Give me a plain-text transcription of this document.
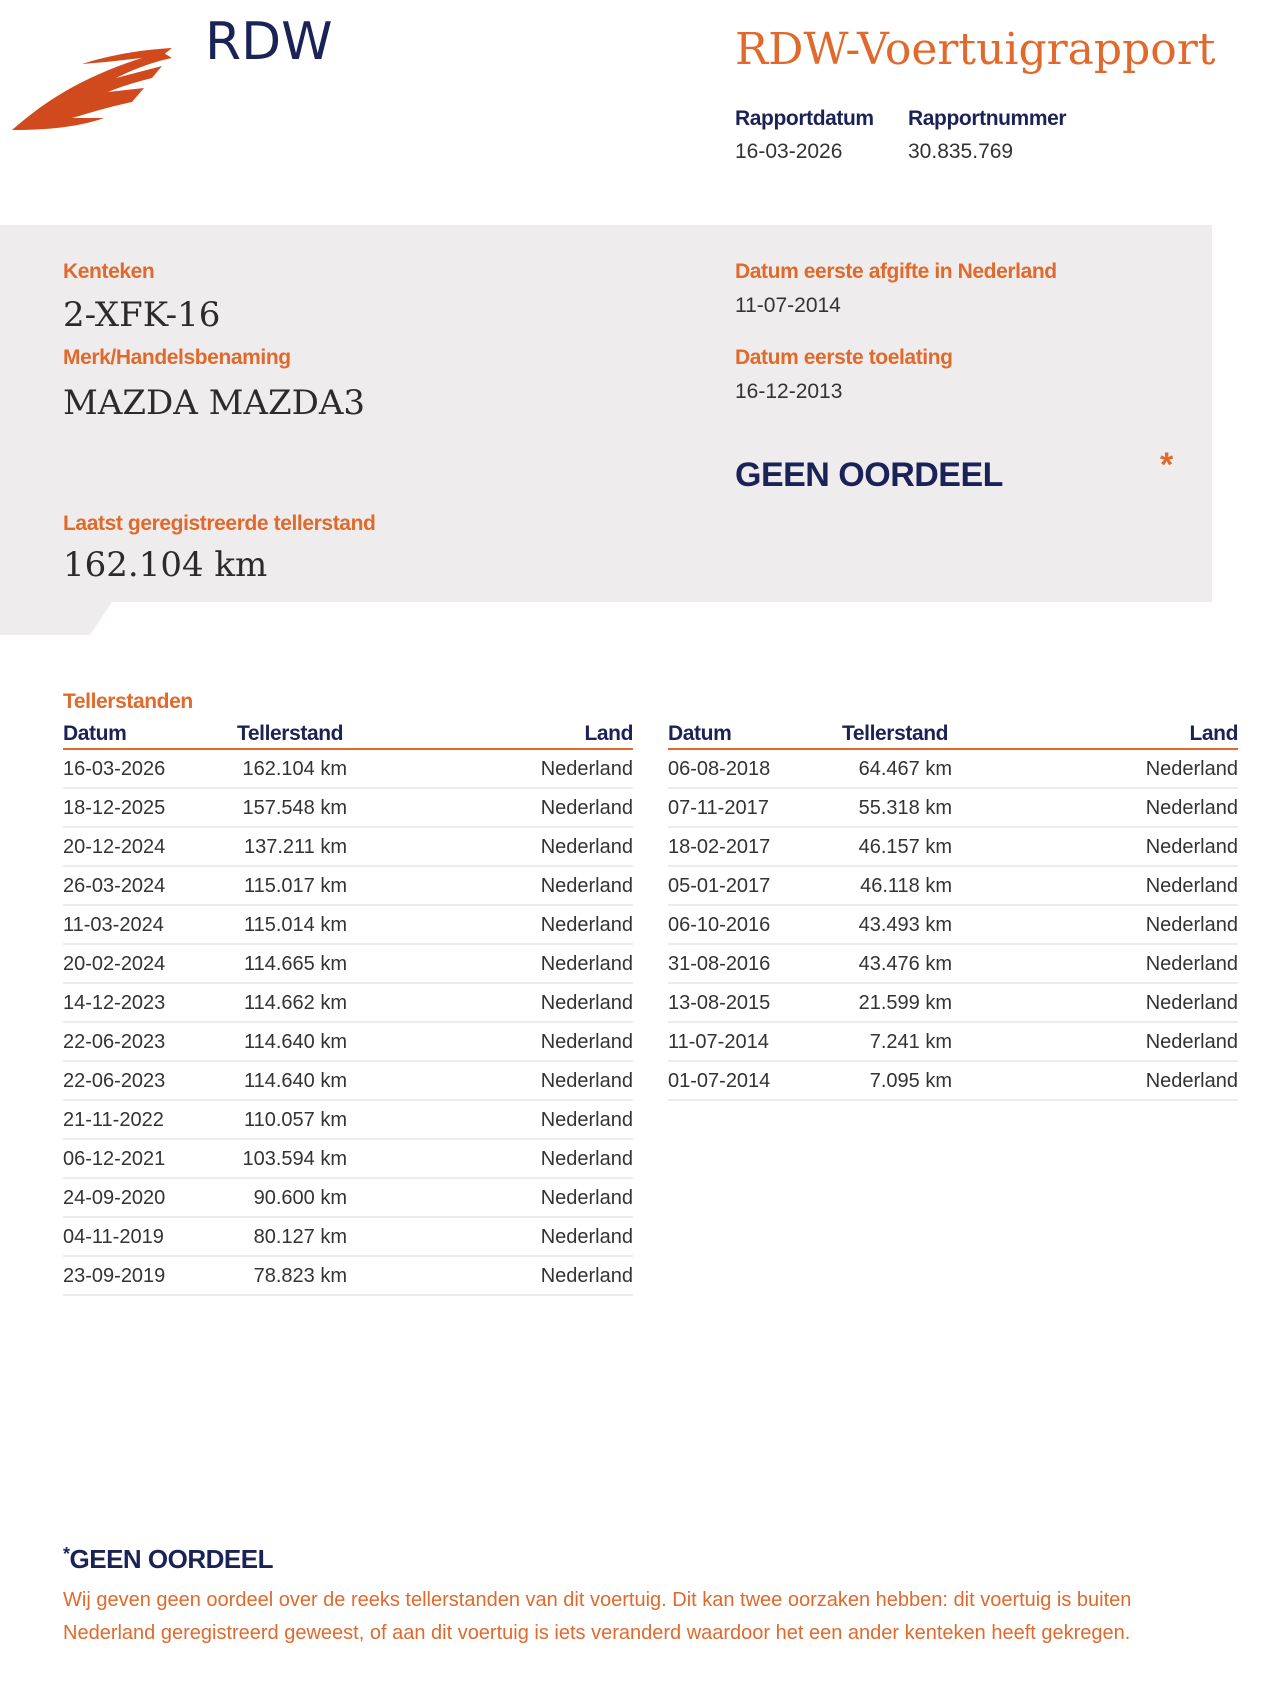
RDW	RDW-Voertuigrapport
Rapportdatum
16-03-2026
Rapportnummer
30.835.769
Kenteken
2-XFK-16
Merk/Handelsbenaming
MAZDA MAZDA3
Laatst geregistreerde tellerstand
162.104 km
Datum eerste afgifte in Nederland
11-07-2014
Datum eerste toelating
16-12-2013
GEEN OORDEEL	*
Tellerstanden
Datum	Tellerstand	Land
16-03-2026	162.104 km	Nederland
18-12-2025	157.548 km	Nederland
20-12-2024	137.211 km	Nederland
26-03-2024	115.017 km	Nederland
11-03-2024	115.014 km	Nederland
20-02-2024	114.665 km	Nederland
14-12-2023	114.662 km	Nederland
22-06-2023	114.640 km	Nederland
22-06-2023	114.640 km	Nederland
21-11-2022	110.057 km	Nederland
06-12-2021	103.594 km	Nederland
24-09-2020	90.600 km	Nederland
04-11-2019	80.127 km	Nederland
23-09-2019	78.823 km	Nederland
Datum	Tellerstand	Land
06-08-2018	64.467 km	Nederland
07-11-2017	55.318 km	Nederland
18-02-2017	46.157 km	Nederland
05-01-2017	46.118 km	Nederland
06-10-2016	43.493 km	Nederland
31-08-2016	43.476 km	Nederland
13-08-2015	21.599 km	Nederland
11-07-2014	7.241 km	Nederland
01-07-2014	7.095 km	Nederland
*GEEN OORDEEL
Wij geven geen oordeel over de reeks tellerstanden van dit voertuig. Dit kan twee oorzaken hebben: dit voertuig is buiten Nederland geregistreerd geweest, of aan dit voertuig is iets veranderd waardoor het een ander kenteken heeft gekregen.
